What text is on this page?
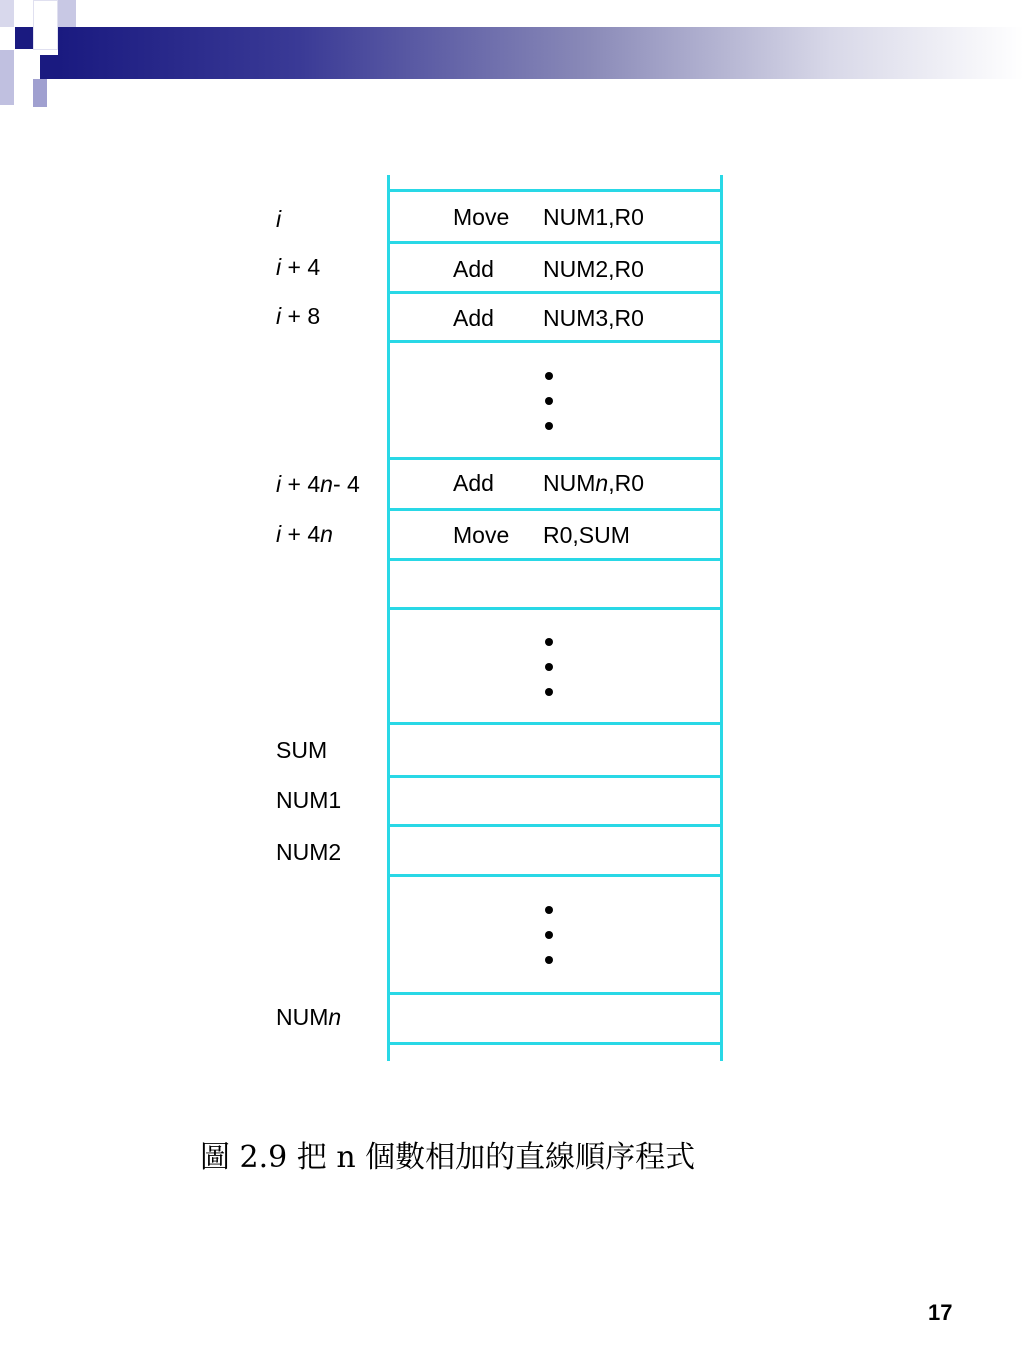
i	Move NUM1,R0
i + 4	Add NUM2,R0
i + 8	Add NUM3,R0
i + 4n- 4	Add NUMn,R0
i + 4n	Move R0,SUM
SUM
NUM1
NUM2
NUMn
圖 2.9 把 n 個數相加的直線順序程式
17
